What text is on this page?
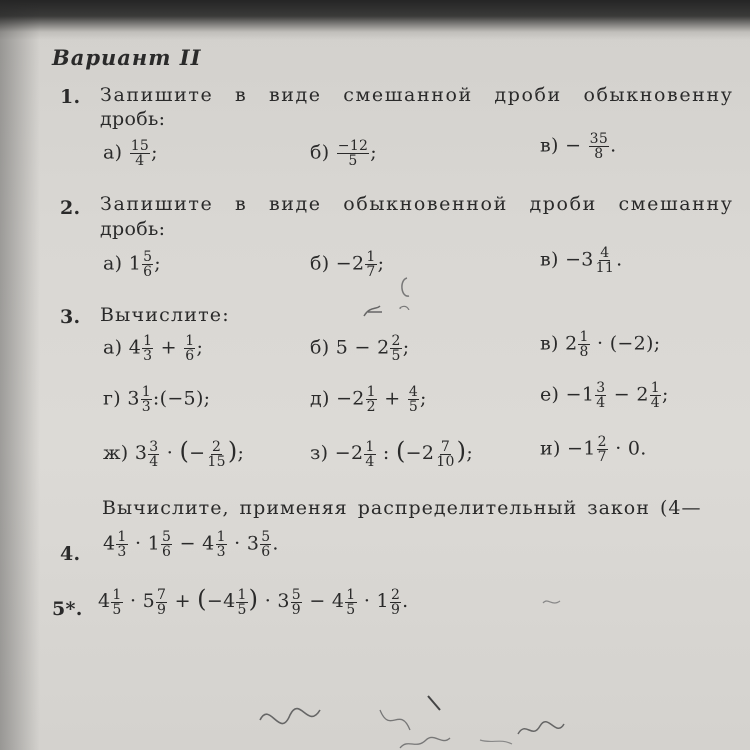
Вариант II
1. Запишите в виде смешанной дроби обыкновенну
дробь:
$а) \frac{15}{4}$ ;	$б) \frac{-12}{5}$ ;	$в) - \frac{35}{8}$ .
2. Запишите в виде обыкновенной дроби смешанну
дробь:
а) $1 \frac{5}{6}$ ;	$б) -2 \frac{1}{7}$ ;	$в) -3 \frac{4}{11}$ .
3. Вычислите:
а) $4 \frac{1}{3} + \frac{1}{6}$ ;	б) $5 - 2 \frac{2}{5}$ ;	в) $2 \frac{1}{8} \cdot (-2)$;
г) $3 \frac{1}{3}$ :(−5);	$д) -2 \frac{1}{2} + \frac{4}{5}$ ;	$е) -1 \frac{3}{4} - 2 \frac{1}{4}$ ;
ж) $3 \frac{3}{4}$ · (− $\frac{2}{15}$ );	$з) -2 \frac{1}{4}$ : ($-2 \frac{7}{10}$ );	$и) -1 \frac{2}{7} \cdot 0$.
Вычислите, применяя распределительный закон (4—
4. $4 \frac{1}{3} \cdot 1 \frac{5}{6} - 4 \frac{1}{3} \cdot 3 \frac{5}{6}$ .
5*. $4 \frac{1}{5} \cdot 5 \frac{7}{9} + (-4 \frac{1}{5}$ ) · $3 \frac{5}{9} - 4 \frac{1}{5} \cdot 1 \frac{2}{9}$ .
